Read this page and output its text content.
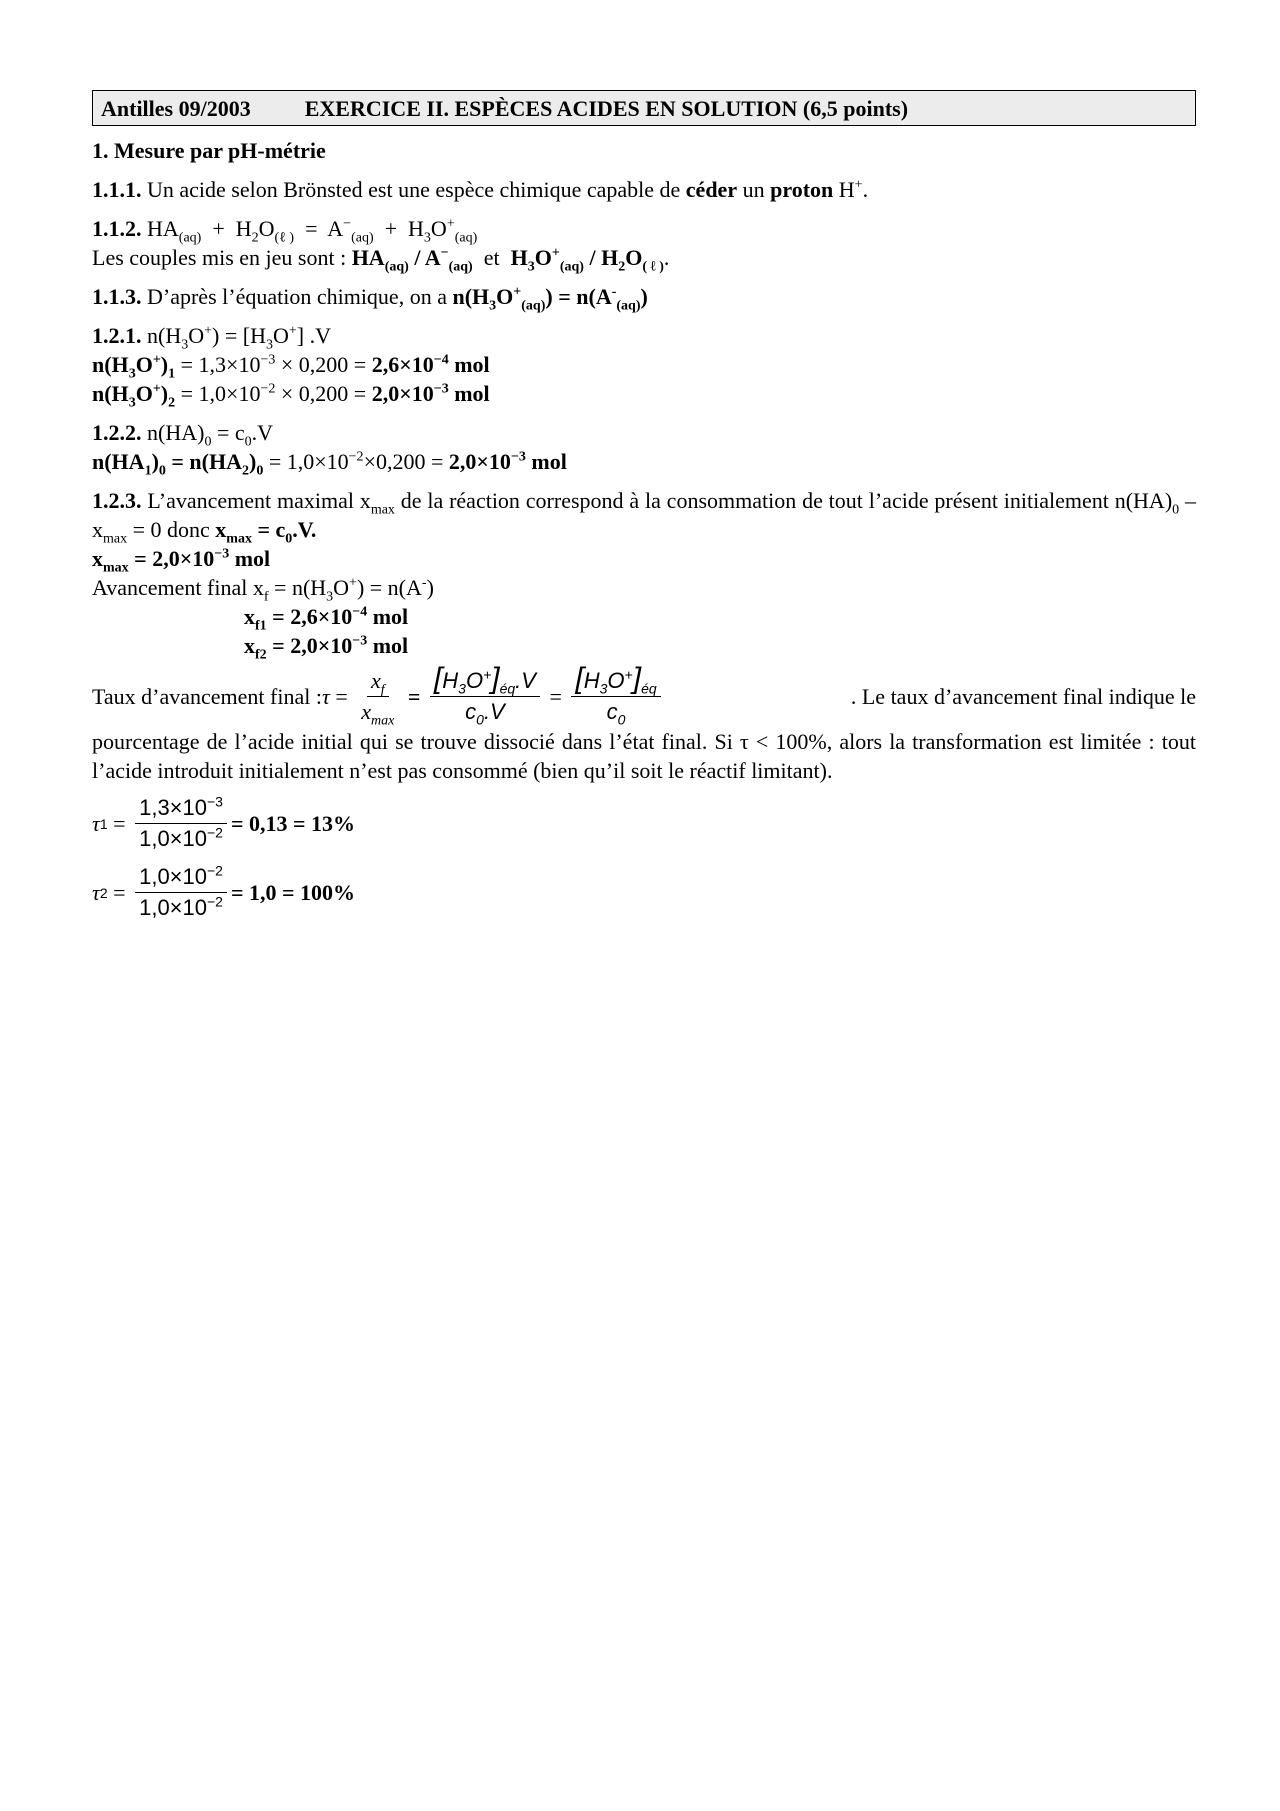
Antilles 09/2003 EXERCICE II. ESPÈCES ACIDES EN SOLUTION (6,5 points)
1. Mesure par pH-métrie

1.1.1. Un acide selon Brönsted est une espèce chimique capable de céder un proton H+.

1.1.2. $HA_{(aq)} + H_2O_{(\ell )} = A^-_{(aq)} + H_3O^+_{(aq)}$
Les couples mis en jeu sont : $HA_{(aq)} / A^-_{(aq)}$  et  $H_3O^+_{(aq)} / H_2O_{( \ell )}$.

1.1.3. D’après l’équation chimique, on a $n(H_3O^+_{(aq)}) = n(A^-_{(aq)})$

1.2.1. $n(H_3O^+) = [H_3O^+]$ .V
$n(H_3O^+)_1 = 1,3\times 10^{-3} \times 0,200 = 2,6\times 10^{-4}$ mol
$n(H_3O^+)_2 = 1,0\times 10^{-2} \times 0,200 = 2,0\times 10^{-3}$ mol

1.2.2. $n(HA)_0 = c_0.V$
$n(HA_1)_0 = n(HA_2)_0 = 1,0\times 10^{-2}\times 0,200 = 2,0\times 10^{-3}$ mol

1.2.3. L’avancement maximal $x_{max}$ de la réaction correspond à la consommation de tout l’acide présent initialement $n(HA)_0 - x_{max} = 0$ donc $x_{max} = c_0.V$.

$x_{max} = 2,0\times 10^{-3}$ mol

Avancement final $x_f = n(H_3O^+) = n(A^-)$

$x_{f1} = 2,6\times 10^{-4}$ mol

$x_{f2} = 2,0\times 10^{-3}$ mol

Taux d’avancement final : $\tau = \frac{x_f}{x_{max}} = \frac{[H_3O^+]_{éq}.V}{c_0.V} = \frac{[H_3O^+]_{éq}}{c_0}$	. Le taux d’avancement final indique le

pourcentage de l’acide initial qui se trouve dissocié dans l’état final. Si τ < 100%, alors la transformation est limitée : tout l’acide introduit initialement n’est pas consommé (bien qu’il soit le réactif limitant).

τ $1 = \frac{1,3\times 10^{-3}}{1,0\times 10^{-2}} = 0,13 = 13\%$
τ $2 = \frac{1,0\times 10^{-2}}{1,0\times 10^{-2}} = 1,0 = 100\%$
